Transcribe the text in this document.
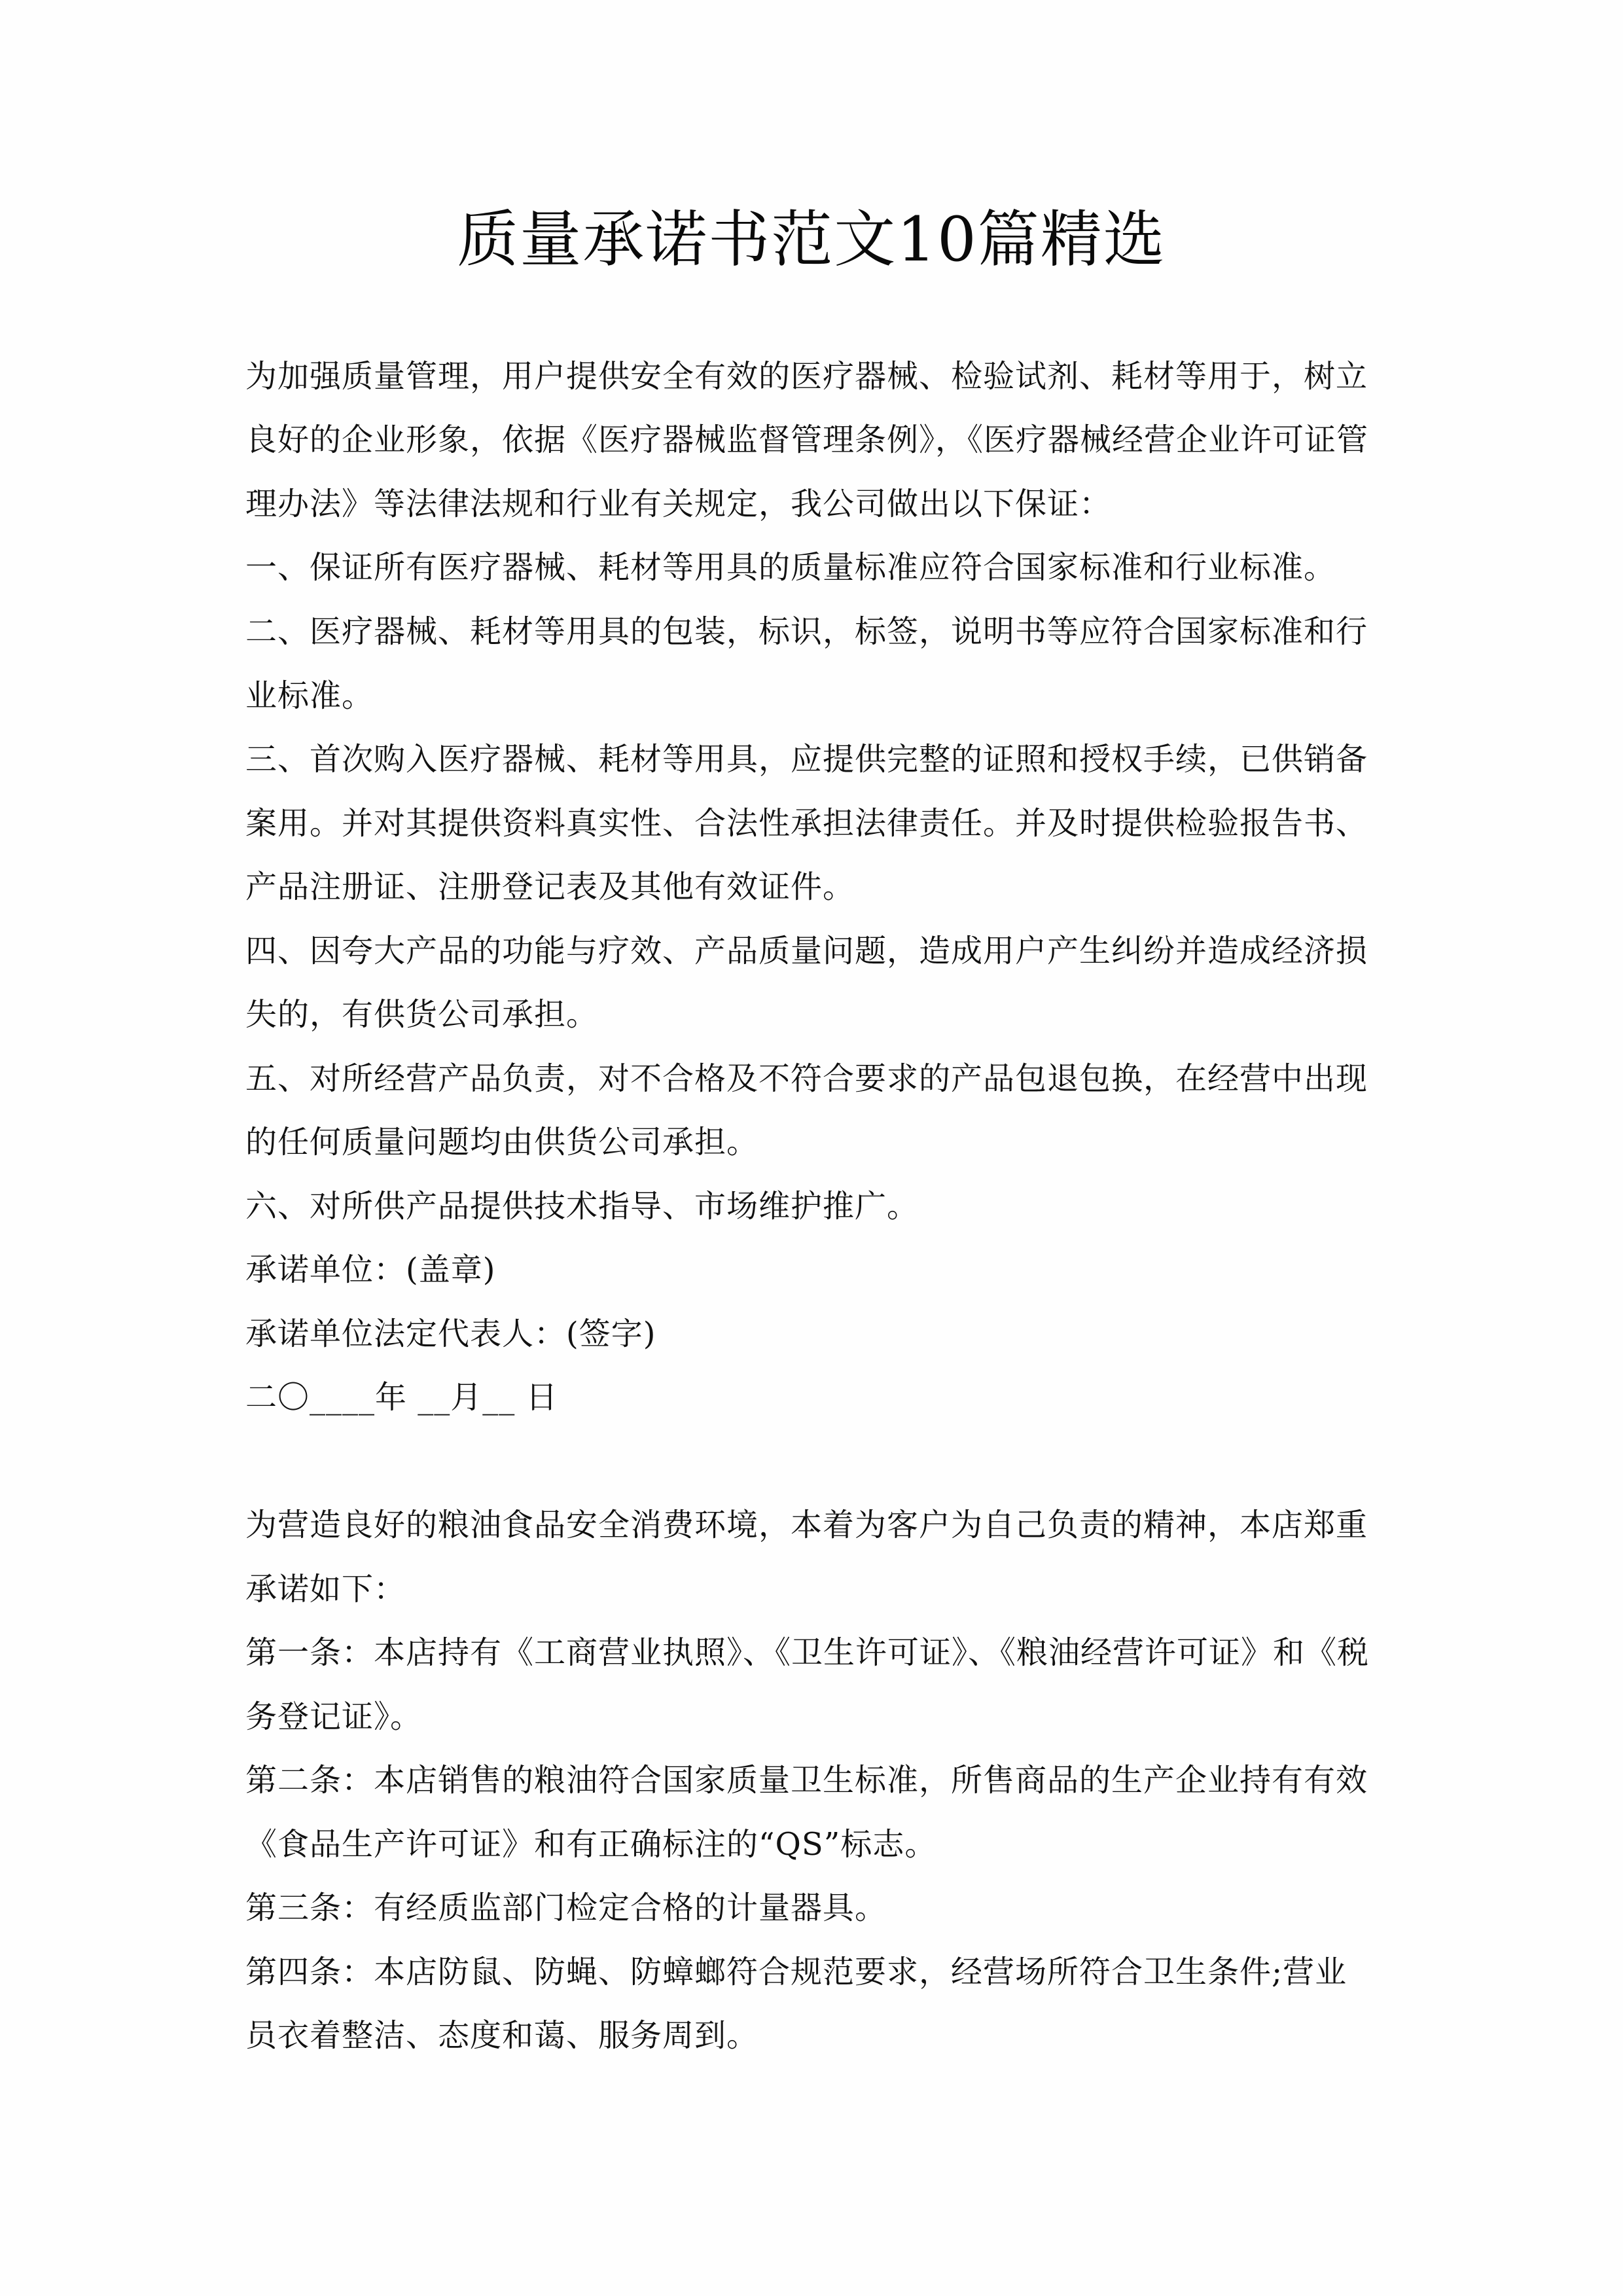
质量承诺书范文10篇精选
为加强质量管理，用户提供安全有效的医疗器械、检验试剂、耗材等用于，树立
良好的企业形象，依据《医疗器械监督管理条例》，《医疗器械经营企业许可证管
理办法》等法律法规和行业有关规定，我公司做出以下保证：
一、保证所有医疗器械、耗材等用具的质量标准应符合国家标准和行业标准。
二、医疗器械、耗材等用具的包装，标识，标签，说明书等应符合国家标准和行
业标准。
三、首次购入医疗器械、耗材等用具，应提供完整的证照和授权手续，已供销备
案用。并对其提供资料真实性、合法性承担法律责任。并及时提供检验报告书、
产品注册证、注册登记表及其他有效证件。
四、因夸大产品的功能与疗效、产品质量问题，造成用户产生纠纷并造成经济损
失的，有供货公司承担。
五、对所经营产品负责，对不合格及不符合要求的产品包退包换，在经营中出现
的任何质量问题均由供货公司承担。
六、对所供产品提供技术指导、市场维护推广。
承诺单位：(盖章)
承诺单位法定代表人：(签字)
二〇____年 __月__ 日
为营造良好的粮油食品安全消费环境，本着为客户为自己负责的精神，本店郑重
承诺如下：
第一条：本店持有《工商营业执照》、《卫生许可证》、《粮油经营许可证》和《税
务登记证》。
第二条：本店销售的粮油符合国家质量卫生标准，所售商品的生产企业持有有效
《食品生产许可证》和有正确标注的“QS”标志。
第三条：有经质监部门检定合格的计量器具。
第四条：本店防鼠、防蝇、防蟑螂符合规范要求，经营场所符合卫生条件;营业
员衣着整洁、态度和蔼、服务周到。
